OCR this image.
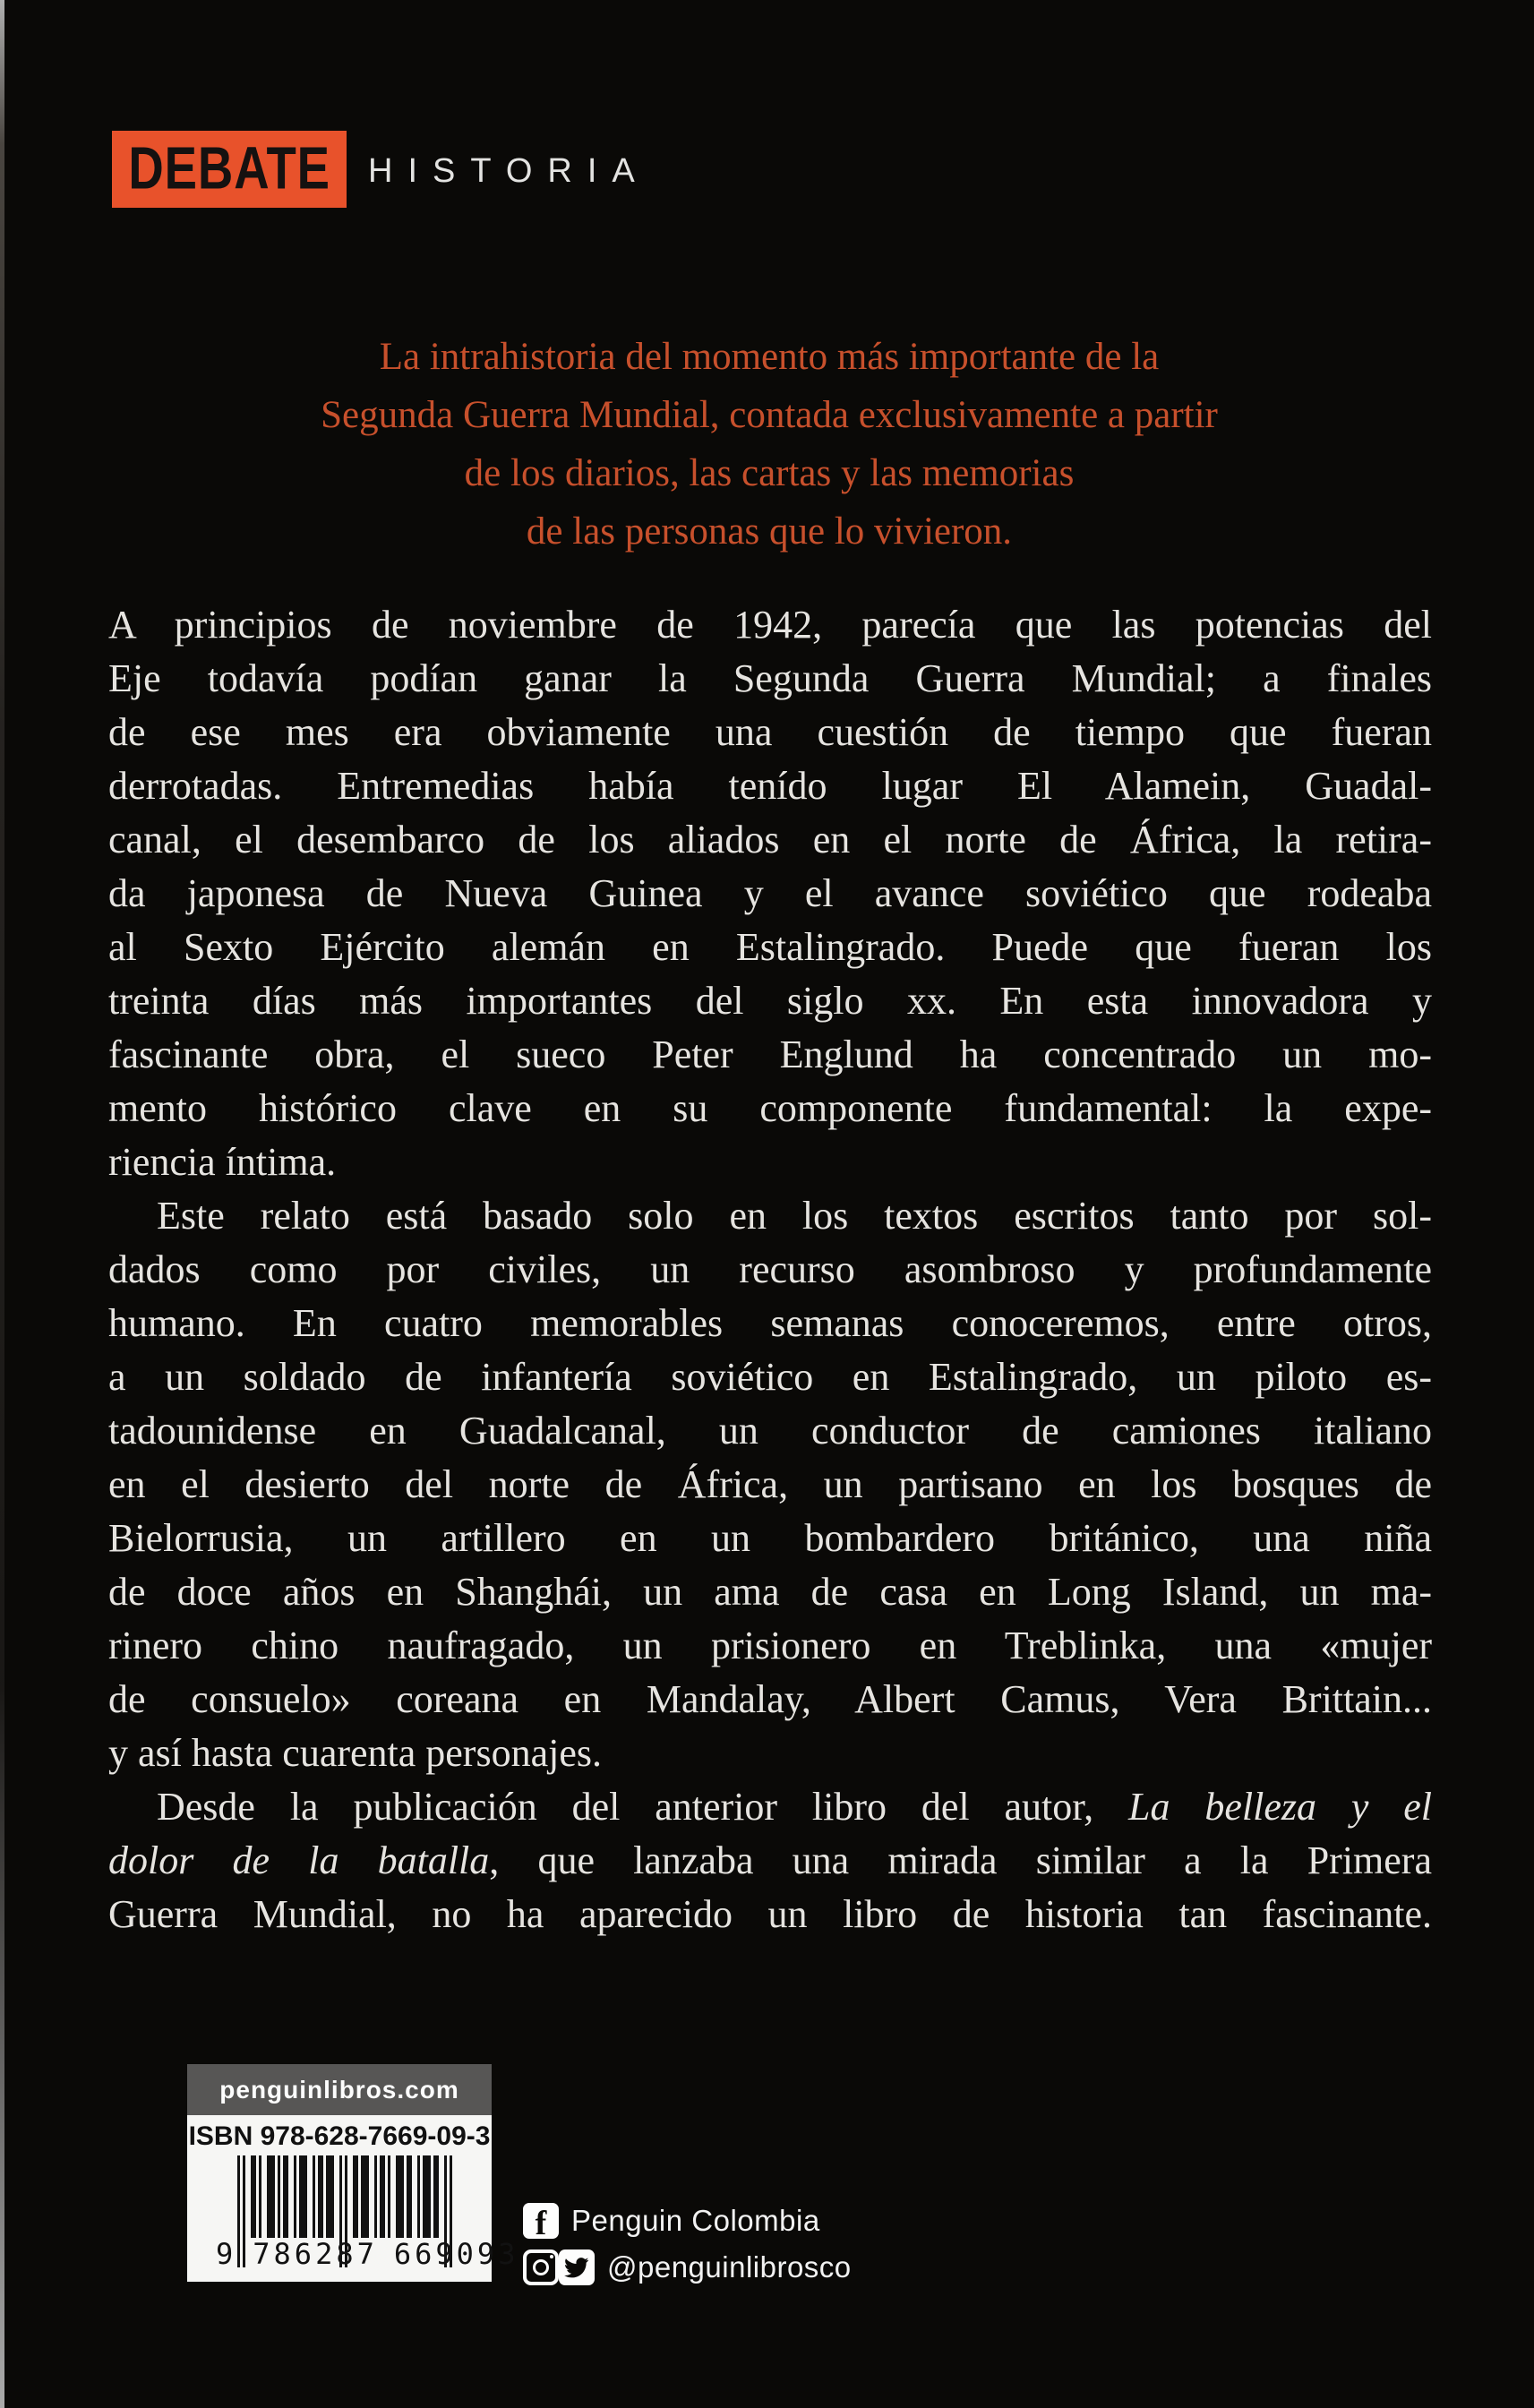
DEBATE HISTORIA
La intrahistoria del momento más importante de la
Segunda Guerra Mundial, contada exclusivamente a partir
de los diarios, las cartas y las memorias
de las personas que lo vivieron.
A principios de noviembre de 1942, parecía que las potencias del
Eje todavía podían ganar la Segunda Guerra Mundial; a finales
de ese mes era obviamente una cuestión de tiempo que fueran
derrotadas. Entremedias había tenído lugar El Alamein, Guadal-
canal, el desembarco de los aliados en el norte de África, la retira-
da japonesa de Nueva Guinea y el avance soviético que rodeaba
al Sexto Ejército alemán en Estalingrado. Puede que fueran los
treinta días más importantes del siglo xx. En esta innovadora y
fascinante obra, el sueco Peter Englund ha concentrado un mo-
mento histórico clave en su componente fundamental: la expe-
riencia íntima.
Este relato está basado solo en los textos escritos tanto por sol-
dados como por civiles, un recurso asombroso y profundamente
humano. En cuatro memorables semanas conoceremos, entre otros,
a un soldado de infantería soviético en Estalingrado, un piloto es-
tadounidense en Guadalcanal, un conductor de camiones italiano
en el desierto del norte de África, un partisano en los bosques de
Bielorrusia, un artillero en un bombardero británico, una niña
de doce años en Shanghái, un ama de casa en Long Island, un ma-
rinero chino naufragado, un prisionero en Treblinka, una «mujer
de consuelo» coreana en Mandalay, Albert Camus, Vera Brittain...
y así hasta cuarenta personajes.
Desde la publicación del anterior libro del autor, La belleza y el
dolor de la batalla, que lanzaba una mirada similar a la Primera
Guerra Mundial, no ha aparecido un libro de historia tan fascinante.
penguinlibros.com
ISBN 978-628-7669-09-3
9 786287 669093
f Penguin Colombia
@penguinlibrosco
